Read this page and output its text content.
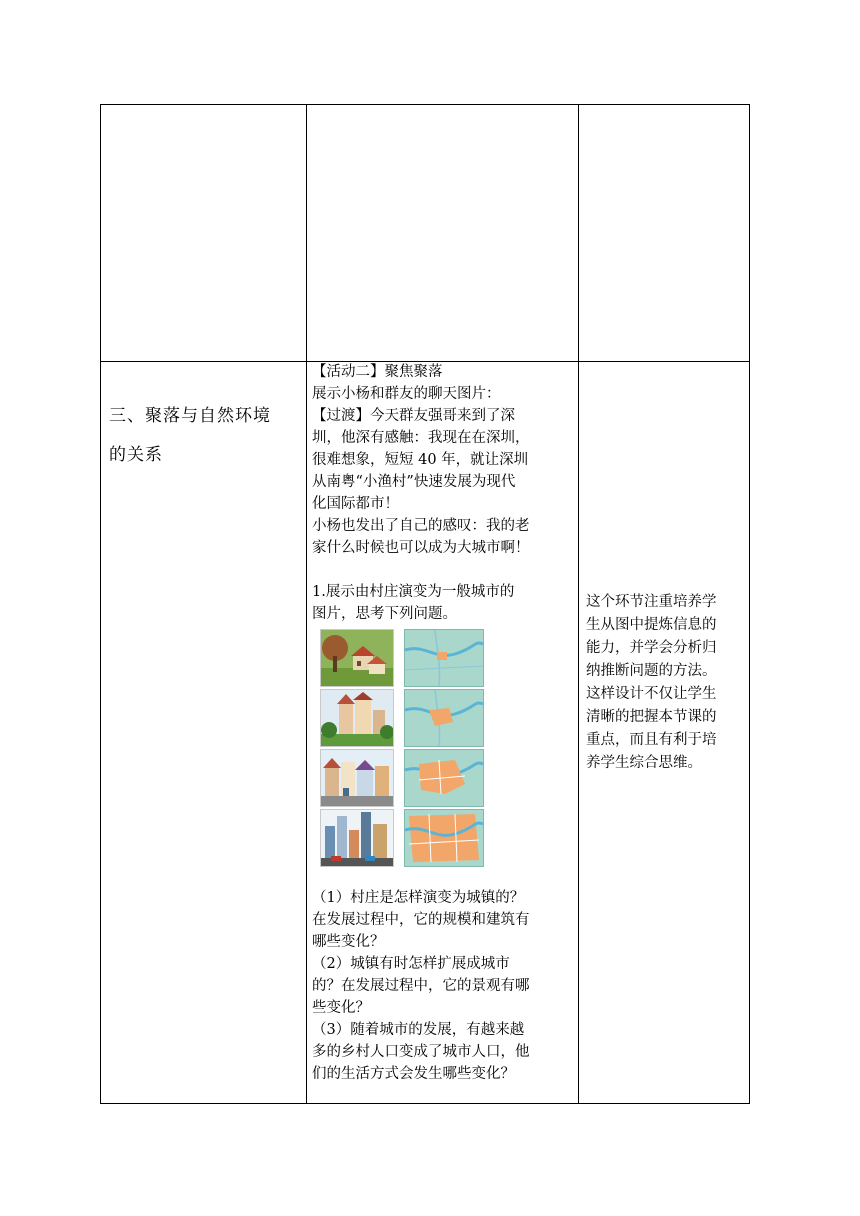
三、聚落与自然环境
的关系

【活动二】聚焦聚落

展示小杨和群友的聊天图片：

【过渡】今天群友强哥来到了深

圳，他深有感触：我现在在深圳，

很难想象，短短 40 年，就让深圳

从南粤“小渔村”快速发展为现代

化国际都市！

小杨也发出了自己的感叹：我的老

家什么时候也可以成为大城市啊！

1.展示由村庄演变为一般城市的

图片，思考下列问题。

（1）村庄是怎样演变为城镇的？

在发展过程中，它的规模和建筑有

哪些变化？

（2）城镇有时怎样扩展成城市

的？在发展过程中，它的景观有哪

些变化？

（3）随着城市的发展，有越来越

多的乡村人口变成了城市人口，他

们的生活方式会发生哪些变化？

这个环节注重培养学
生从图中提炼信息的
能力，并学会分析归
纳推断问题的方法。
这样设计不仅让学生
清晰的把握本节课的
重点，而且有利于培
养学生综合思维。
